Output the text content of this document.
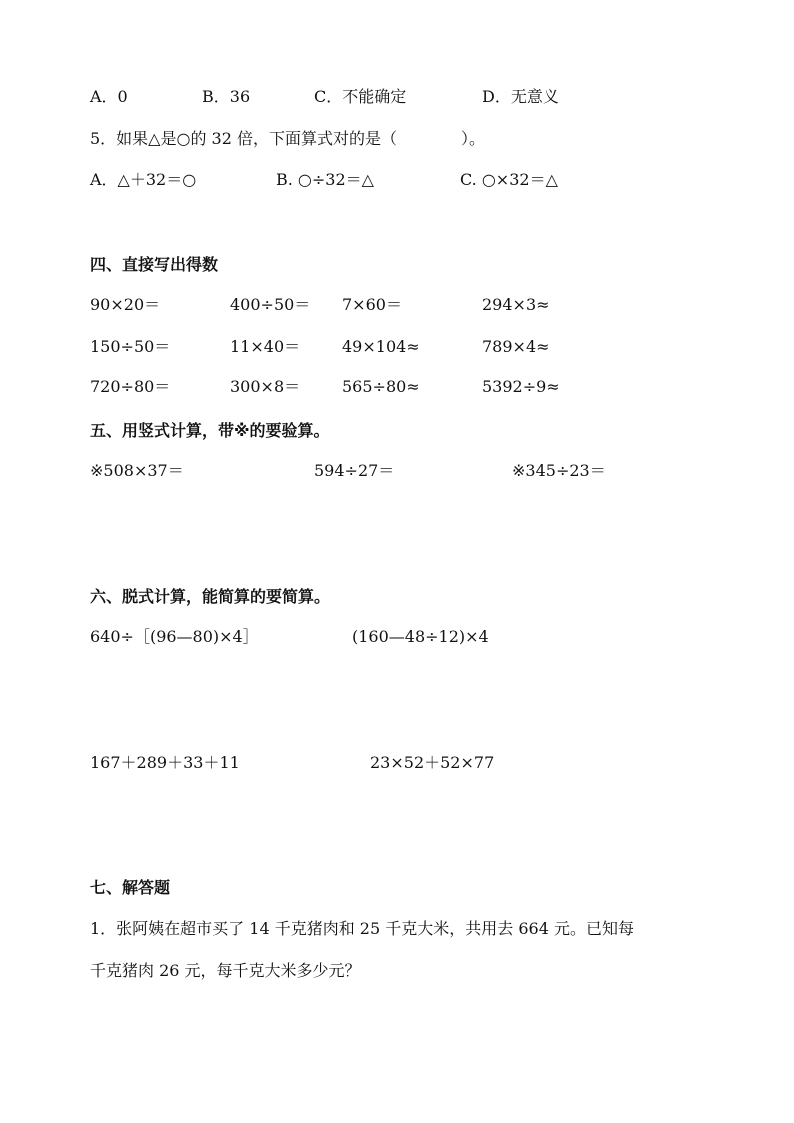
A．0	B．36	C．不能确定	D．无意义
5．如果△是○的 32 倍，下面算式对的是（　　　　）。
A．△＋32＝○	B. ○÷32＝△	C. ○×32＝△
四、直接写出得数
90×20＝	400÷50＝ 7×60＝	294×3≈
150÷50＝	11×40＝	49×104≈	789×4≈
720÷80＝	300×8＝	565÷80≈	5392÷9≈
五、用竖式计算，带※的要验算。
※508×37＝	594÷27＝	※345÷23＝
六、脱式计算，能简算的要简算。
640÷［(96—80)×4］	(160—48÷12)×4
167＋289＋33＋11	23×52＋52×77
七、解答题
1．张阿姨在超市买了 14 千克猪肉和 25 千克大米，共用去 664 元。已知每
千克猪肉 26 元，每千克大米多少元？
